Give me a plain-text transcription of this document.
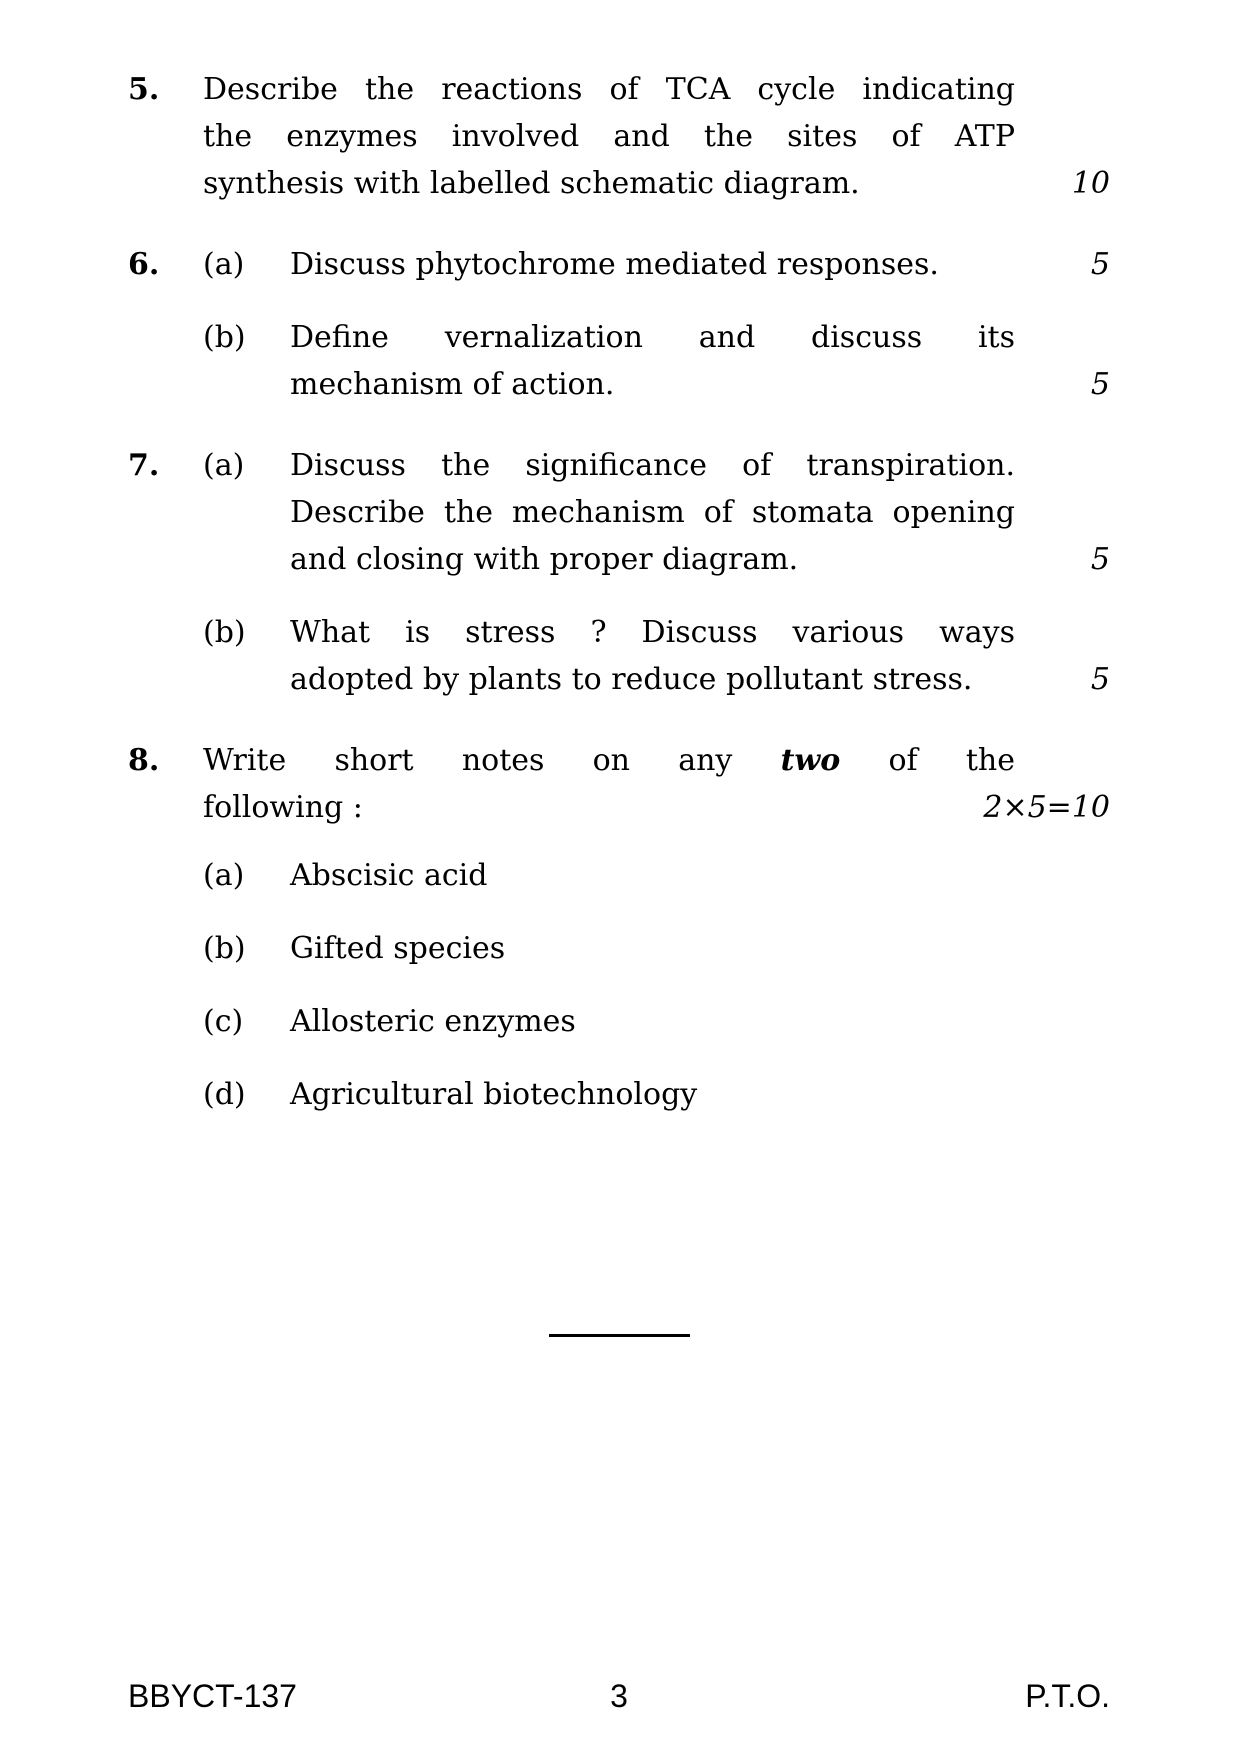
5.	Describe the reactions of TCA cycle indicating
the enzymes involved and the sites of ATP
synthesis with labelled schematic diagram.	10
6.	(a)	Discuss phytochrome mediated responses.	5
(b)	Define vernalization and discuss its
mechanism of action.	5
7.	(a)	Discuss the significance of transpiration.
Describe the mechanism of stomata opening
and closing with proper diagram.	5
(b)	What is stress ? Discuss various ways
adopted by plants to reduce pollutant stress.	5
8.	Write short notes on any two of the
following :	2×5=10
(a)	Abscisic acid
(b)	Gifted species
(c)	Allosteric enzymes
(d)	Agricultural biotechnology
BBYCT-137	3	P.T.O.
